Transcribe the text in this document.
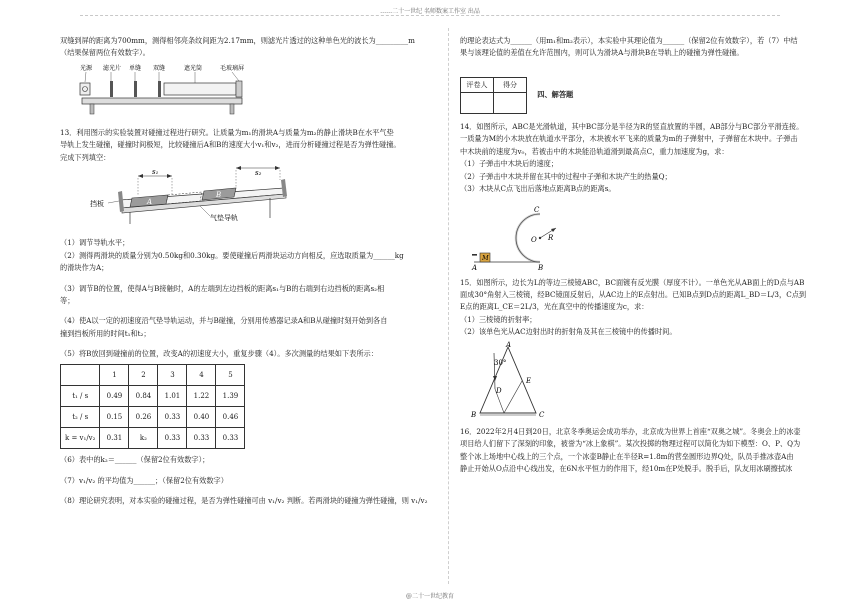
……二十一世纪 名师数案工作室 出品

双缝到屏的距离为700mm，测得相邻亮条纹间距为2.17mm，则滤光片透过的这种单色光的波长为_________m

（结果保留两位有效数字）。

光源 滤光片 单缝 双缝	遮光筒	毛玻璃屏

13．利用图示的实验装置对碰撞过程进行研究。让质量为m₁的滑块A与质量为m₂的静止滑块B在水平气垫

导轨上发生碰撞，碰撞时间极短，比较碰撞后A和B的速度大小v₁和v₂，进而分析碰撞过程是否为弹性碰撞。

完成下列填空：

s₁	s₂
A
B
挡板
气垫导轨

（1）调节导轨水平；

（2）测得两滑块的质量分别为0.50kg和0.30kg。要使碰撞后两滑块运动方向相反，应选取质量为______kg

的滑块作为A；

（3）调节B的位置，使得A与B接触时，A的左端到左边挡板的距离s₁与B的右端到右边挡板的距离s₂相

等；

（4）使A以一定的初速度沿气垫导轨运动，并与B碰撞，分别用传感器记录A和B从碰撞时刻开始到各自

撞到挡板所用的时间t₁和t₂；

（5）将B放回到碰撞前的位置，改变A的初速度大小，重复步骤（4）。多次测量的结果如下表所示：

	1	2	3	4	5
t₁ / s	0.49	0.84	1.01	1.22	1.39
t₂ / s	0.15	0.26	0.33	0.40	0.46
k = v₁/v₂	0.31	k₂	0.33	0.33	0.33

（6）表中的k₂＝______（保留2位有效数字）；

（7）v₁/v₂ 的平均值为______；（保留2位有效数字）

（8）理论研究表明，对本实验的碰撞过程，是否为弹性碰撞可由 v₁/v₂ 判断。若两滑块的碰撞为弹性碰撞，则 v₁/v₂

的理论表达式为______（用m₁和m₂表示），本实验中其理论值为______（保留2位有效数字），若（7）中结

果与该理论值的差值在允许范围内，则可认为滑块A与滑块B在导轨上的碰撞为弹性碰撞。

评卷人	得分
	四、解答题

14．如图所示，ABC是光滑轨道，其中BC部分是半径为R的竖直放置的半圆，AB部分与BC部分平滑连接。

一质量为M的小木块放在轨道水平部分，木块被水平飞来的质量为m的子弹射中，子弹留在木块中。子弹击

中木块前的速度为v₀，若被击中的木块能沿轨道滑到最高点C，重力加速度为g，求：

（1）子弹击中木块后的速度；

（2）子弹击中木块并留在其中的过程中子弹和木块产生的热量Q；

（3）木块从C点飞出后落地点距离B点的距离s。

O R
C
B
A
M

15．如图所示，边长为L的等边三棱镜ABC，BC面镀有反光膜（厚度不计）。一单色光从AB面上的D点与AB

面成30°角射入三棱镜，经BC镜面反射后，从AC边上的E点射出。已知B点到D点的距离L_BD＝L/3，C点到

E点的距离L_CE＝2L/3，光在真空中的传播速度为c，求：

（1）三棱镜的折射率；

（2）该单色光从AC边射出时的折射角及其在三棱镜中的传播时间。

A
30°
D
E
B	C

16．2022年2月4日到20日，北京冬季奥运会成功举办，北京成为世界上首座“双奥之城”。冬奥会上的冰壶

项目给人们留下了深刻的印象，被誉为“冰上象棋”。某次投掷的物理过程可以简化为如下模型：O、P、Q为

整个冰上场地中心线上的三个点，一个冰壶B静止在半径R=1.8m的营垒圆形边界Q处，队员手推冰壶A由

静止开始从O点沿中心线出发，在6N水平恒力的作用下，经10m在P处脱手。脱手后，队友用冰刷擦拭冰

@二十一世纪教育
